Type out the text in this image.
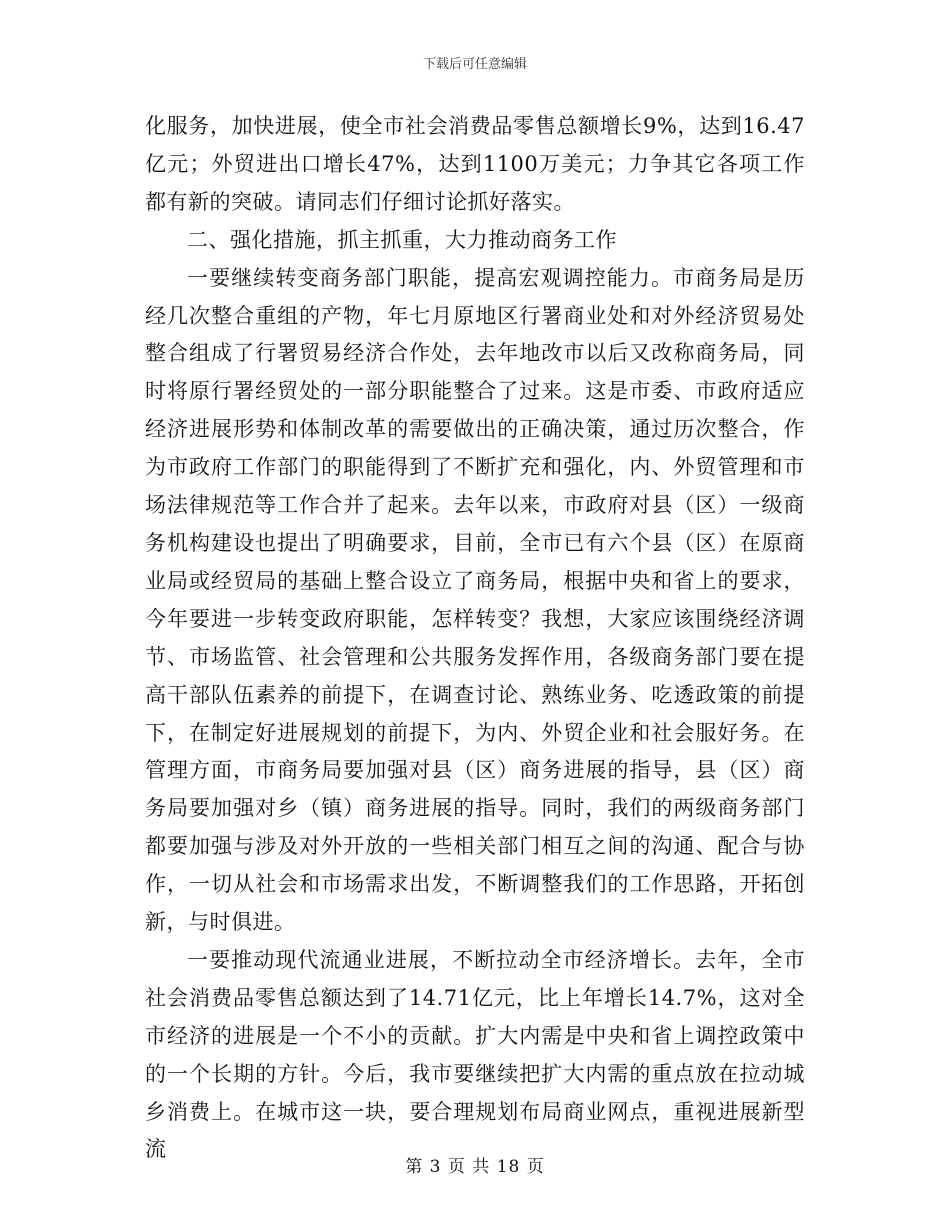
下载后可任意编辑

化服务，加快进展，使全市社会消费品零售总额增长9%，达到16.47亿元；外贸进出口增长47%，达到1100万美元；力争其它各项工作都有新的突破。请同志们仔细讨论抓好落实。

二、强化措施，抓主抓重，大力推动商务工作

一要继续转变商务部门职能，提高宏观调控能力。市商务局是历经几次整合重组的产物，年七月原地区行署商业处和对外经济贸易处整合组成了行署贸易经济合作处，去年地改市以后又改称商务局，同时将原行署经贸处的一部分职能整合了过来。这是市委、市政府适应经济进展形势和体制改革的需要做出的正确决策，通过历次整合，作为市政府工作部门的职能得到了不断扩充和强化，内、外贸管理和市场法律规范等工作合并了起来。去年以来，市政府对县（区）一级商务机构建设也提出了明确要求，目前，全市已有六个县（区）在原商业局或经贸局的基础上整合设立了商务局，根据中央和省上的要求，今年要进一步转变政府职能，怎样转变？我想，大家应该围绕经济调节、市场监管、社会管理和公共服务发挥作用，各级商务部门要在提高干部队伍素养的前提下，在调查讨论、熟练业务、吃透政策的前提下，在制定好进展规划的前提下，为内、外贸企业和社会服好务。在管理方面，市商务局要加强对县（区）商务进展的指导，县（区）商务局要加强对乡（镇）商务进展的指导。同时，我们的两级商务部门都要加强与涉及对外开放的一些相关部门相互之间的沟通、配合与协作，一切从社会和市场需求出发，不断调整我们的工作思路，开拓创新，与时俱进。

一要推动现代流通业进展，不断拉动全市经济增长。去年，全市社会消费品零售总额达到了14.71亿元，比上年增长14.7%，这对全市经济的进展是一个不小的贡献。扩大内需是中央和省上调控政策中的一个长期的方针。今后，我市要继续把扩大内需的重点放在拉动城乡消费上。在城市这一块，要合理规划布局商业网点，重视进展新型流

第 3 页 共 18 页
